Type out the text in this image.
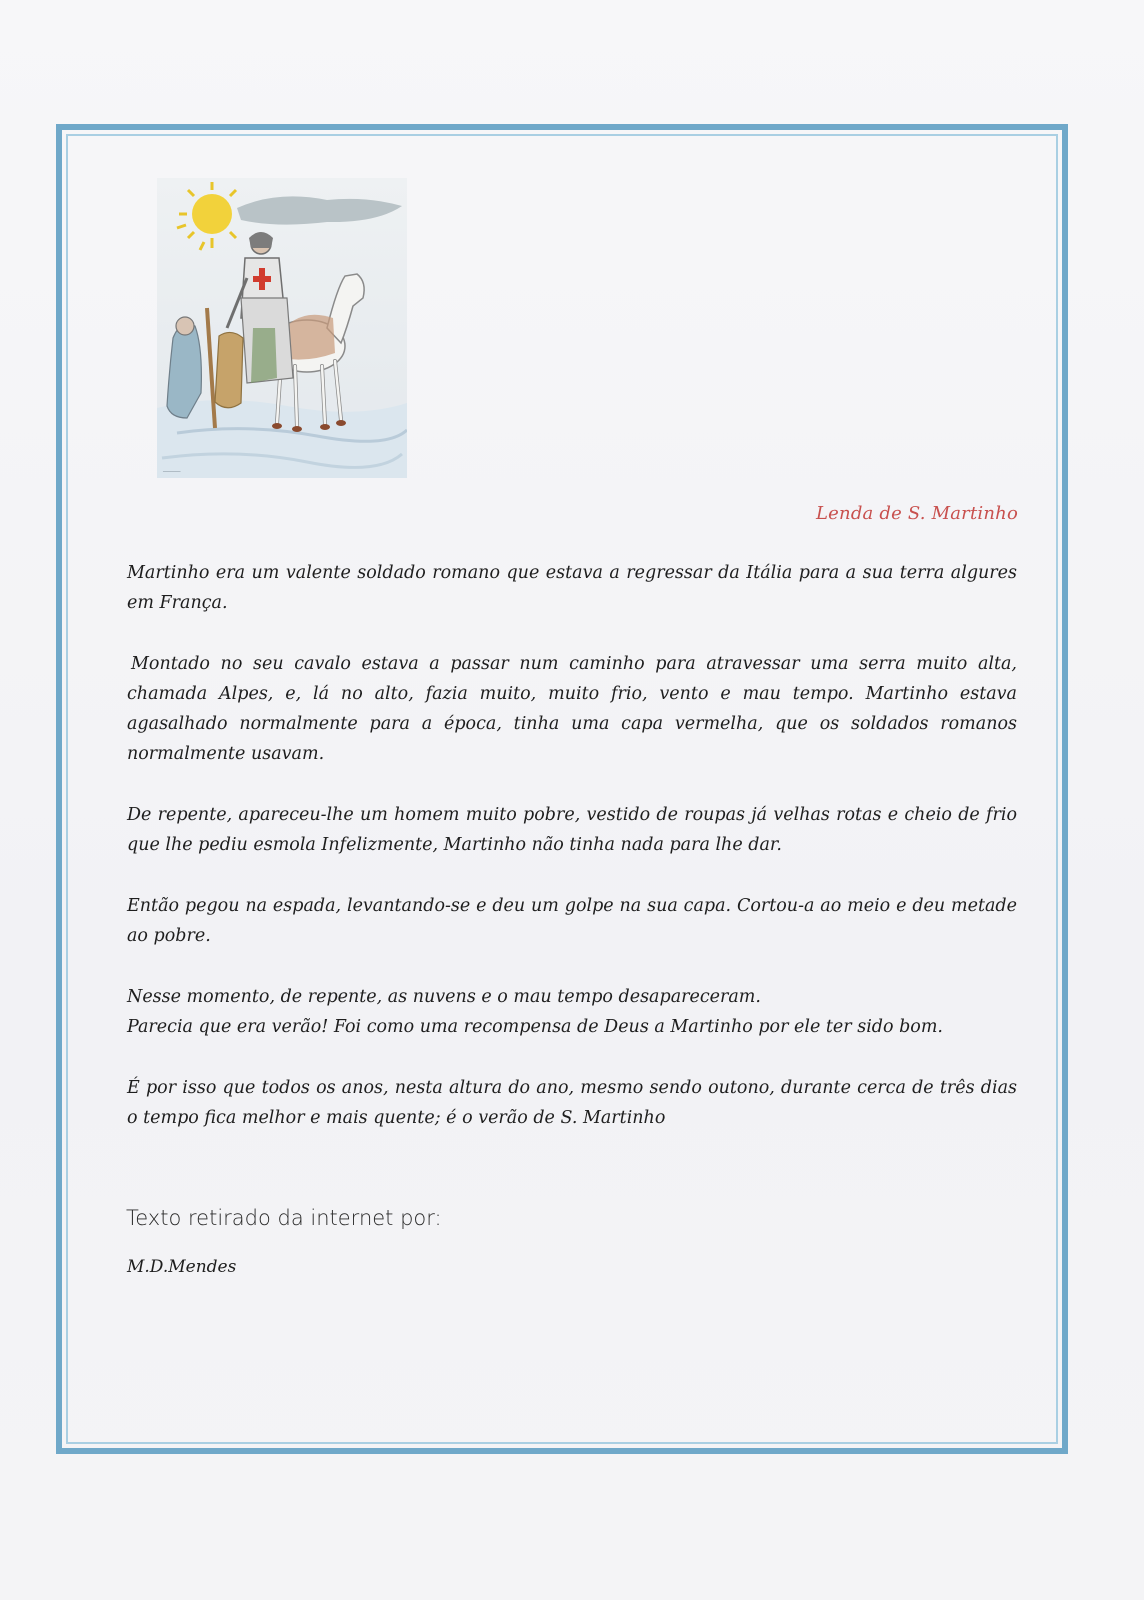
_______
Lenda de S. Martinho

Martinho era um valente soldado romano que estava a regressar da Itália para a sua terra algures em França.

Montado no seu cavalo estava a passar num caminho para atravessar uma serra muito alta, chamada Alpes, e, lá no alto, fazia muito, muito frio, vento e mau tempo. Martinho estava agasalhado normalmente para a época, tinha uma capa vermelha, que os soldados romanos normalmente usavam.

De repente, apareceu-lhe um homem muito pobre, vestido de roupas já velhas rotas e cheio de frio que lhe pediu esmola Infelizmente, Martinho não tinha nada para lhe dar.

Então pegou na espada, levantando-se e deu um golpe na sua capa. Cortou-a ao meio e deu metade ao pobre.

Nesse momento, de repente, as nuvens e o mau tempo desapareceram.

Parecia que era verão! Foi como uma recompensa de Deus a Martinho por ele ter sido bom.

É por isso que todos os anos, nesta altura do ano, mesmo sendo outono, durante cerca de três dias o tempo fica melhor e mais quente; é o verão de S. Martinho

Texto retirado da internet por:
M.D.Mendes
